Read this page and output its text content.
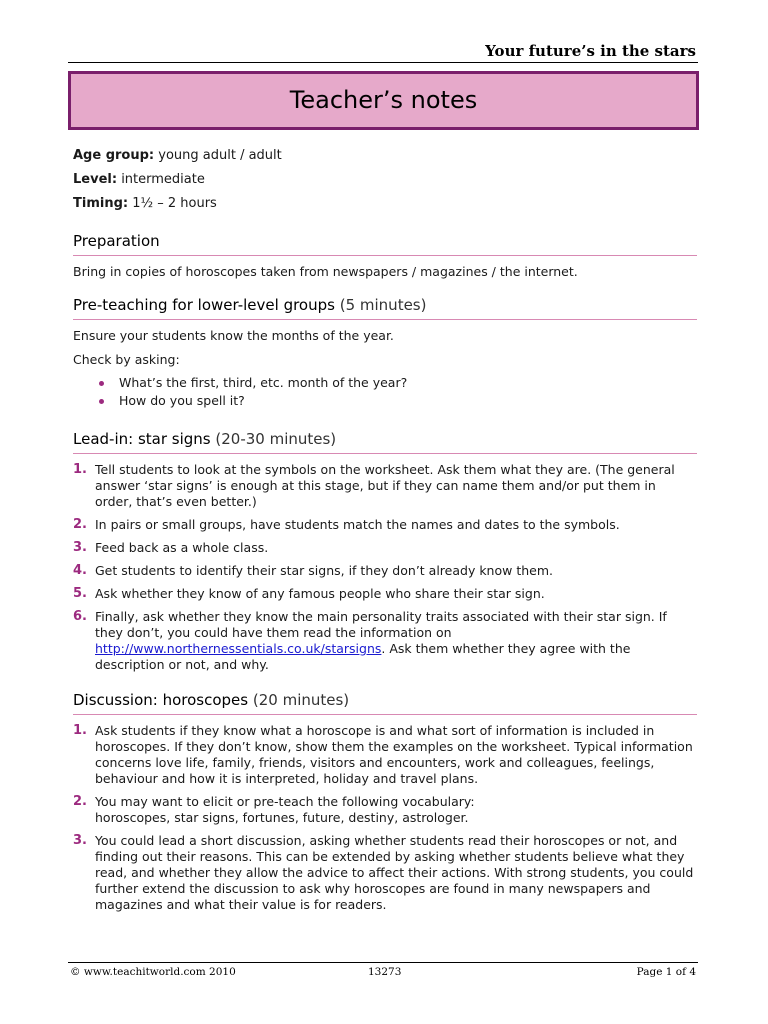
Your future’s in the stars
Teacher’s notes
Age group: young adult / adult
Level: intermediate
Timing: 1½ – 2 hours
Preparation

Bring in copies of horoscopes taken from newspapers / magazines / the internet.

Pre-teaching for lower-level groups (5 minutes)

Ensure your students know the months of the year.

Check by asking:

What’s the first, third, etc. month of the year?
How do you spell it?
Lead-in: star signs (20-30 minutes)
1. Tell students to look at the symbols on the worksheet. Ask them what they are. (The general answer ‘star signs’ is enough at this stage, but if they can name them and/or put them in order, that’s even better.)
2. In pairs or small groups, have students match the names and dates to the symbols.
3. Feed back as a whole class.
4. Get students to identify their star signs, if they don’t already know them.
5. Ask whether they know of any famous people who share their star sign.
6. Finally, ask whether they know the main personality traits associated with their star sign. If they don’t, you could have them read the information on http://www.northernessentials.co.uk/starsigns. Ask them whether they agree with the description or not, and why.
Discussion: horoscopes (20 minutes)
1. Ask students if they know what a horoscope is and what sort of information is included in horoscopes. If they don’t know, show them the examples on the worksheet. Typical information concerns love life, family, friends, visitors and encounters, work and colleagues, feelings, behaviour and how it is interpreted, holiday and travel plans.
2. You may want to elicit or pre-teach the following vocabulary:
horoscopes, star signs, fortunes, future, destiny, astrologer.
3. You could lead a short discussion, asking whether students read their horoscopes or not, and finding out their reasons. This can be extended by asking whether students believe what they read, and whether they allow the advice to affect their actions. With strong students, you could further extend the discussion to ask why horoscopes are found in many newspapers and magazines and what their value is for readers.
© www.teachitworld.com 2010	13273	Page 1 of 4
